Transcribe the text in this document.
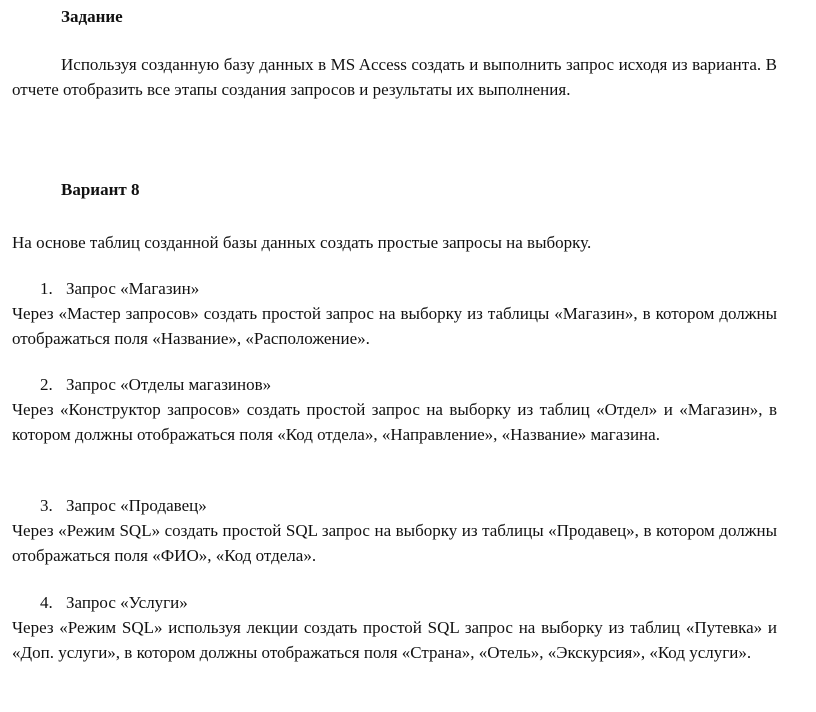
Задание
Используя созданную базу данных в MS Access создать и выполнить запрос исходя из варианта. В отчете отобразить все этапы создания запросов и результаты их выполнения.
Вариант 8
На основе таблиц созданной базы данных создать простые запросы на выборку.
1. Запрос «Магазин»
Через «Мастер запросов» создать простой запрос на выборку из таблицы «Магазин», в котором должны отображаться поля «Название», «Расположение».
2. Запрос «Отделы магазинов»
Через «Конструктор запросов» создать простой запрос на выборку из таблиц «Отдел» и «Магазин», в котором должны отображаться поля «Код отдела», «Направление», «Название» магазина.
3. Запрос «Продавец»
Через «Режим SQL» создать простой SQL запрос на выборку из таблицы «Продавец», в котором должны отображаться поля «ФИО», «Код отдела».
4. Запрос «Услуги»
Через «Режим SQL» используя лекции создать простой SQL запрос на выборку из таблиц «Путевка» и «Доп. услуги», в котором должны отображаться поля «Страна», «Отель», «Экскурсия», «Код услуги».
